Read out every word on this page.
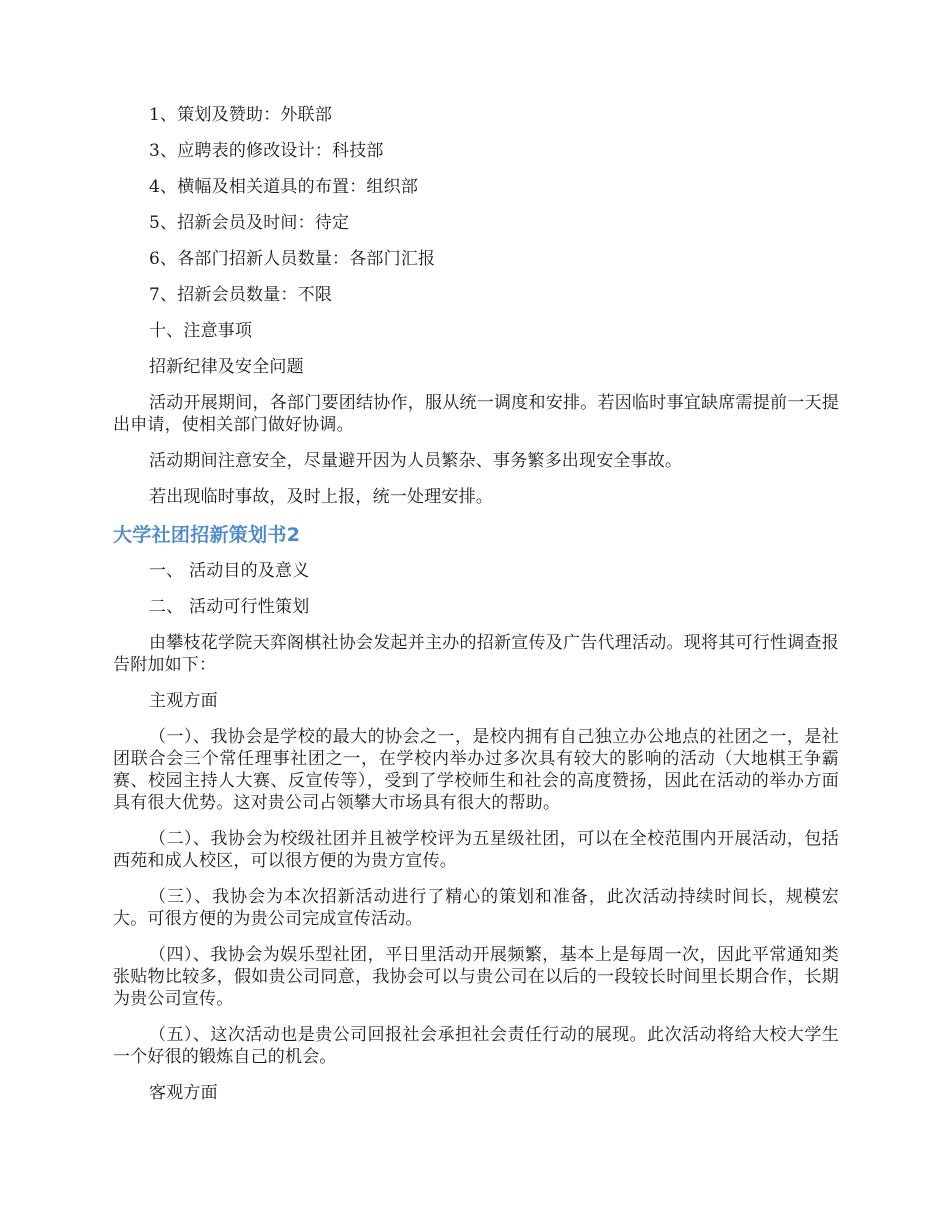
1、策划及赞助：外联部

3、应聘表的修改设计：科技部

4、横幅及相关道具的布置：组织部

5、招新会员及时间：待定

6、各部门招新人员数量：各部门汇报

7、招新会员数量：不限

十、注意事项

招新纪律及安全问题

活动开展期间，各部门要团结协作，服从统一调度和安排。若因临时事宜缺席需提前一天提出申请，使相关部门做好协调。

活动期间注意安全，尽量避开因为人员繁杂、事务繁多出现安全事故。

若出现临时事故，及时上报，统一处理安排。

大学社团招新策划书2

一、 活动目的及意义

二、 活动可行性策划

由攀枝花学院天弈阁棋社协会发起并主办的招新宣传及广告代理活动。现将其可行性调查报告附加如下：

主观方面

（一）、我协会是学校的最大的协会之一，是校内拥有自己独立办公地点的社团之一，是社团联合会三个常任理事社团之一，在学校内举办过多次具有较大的影响的活动（大地棋王争霸赛、校园主持人大赛、反宣传等），受到了学校师生和社会的高度赞扬，因此在活动的举办方面具有很大优势。这对贵公司占领攀大市场具有很大的帮助。

（二）、我协会为校级社团并且被学校评为五星级社团，可以在全校范围内开展活动，包括西苑和成人校区，可以很方便的为贵方宣传。

（三）、我协会为本次招新活动进行了精心的策划和准备，此次活动持续时间长，规模宏大。可很方便的为贵公司完成宣传活动。

（四）、我协会为娱乐型社团，平日里活动开展频繁，基本上是每周一次，因此平常通知类张贴物比较多，假如贵公司同意，我协会可以与贵公司在以后的一段较长时间里长期合作，长期为贵公司宣传。

（五）、这次活动也是贵公司回报社会承担社会责任行动的展现。此次活动将给大校大学生一个好很的锻炼自己的机会。

客观方面
